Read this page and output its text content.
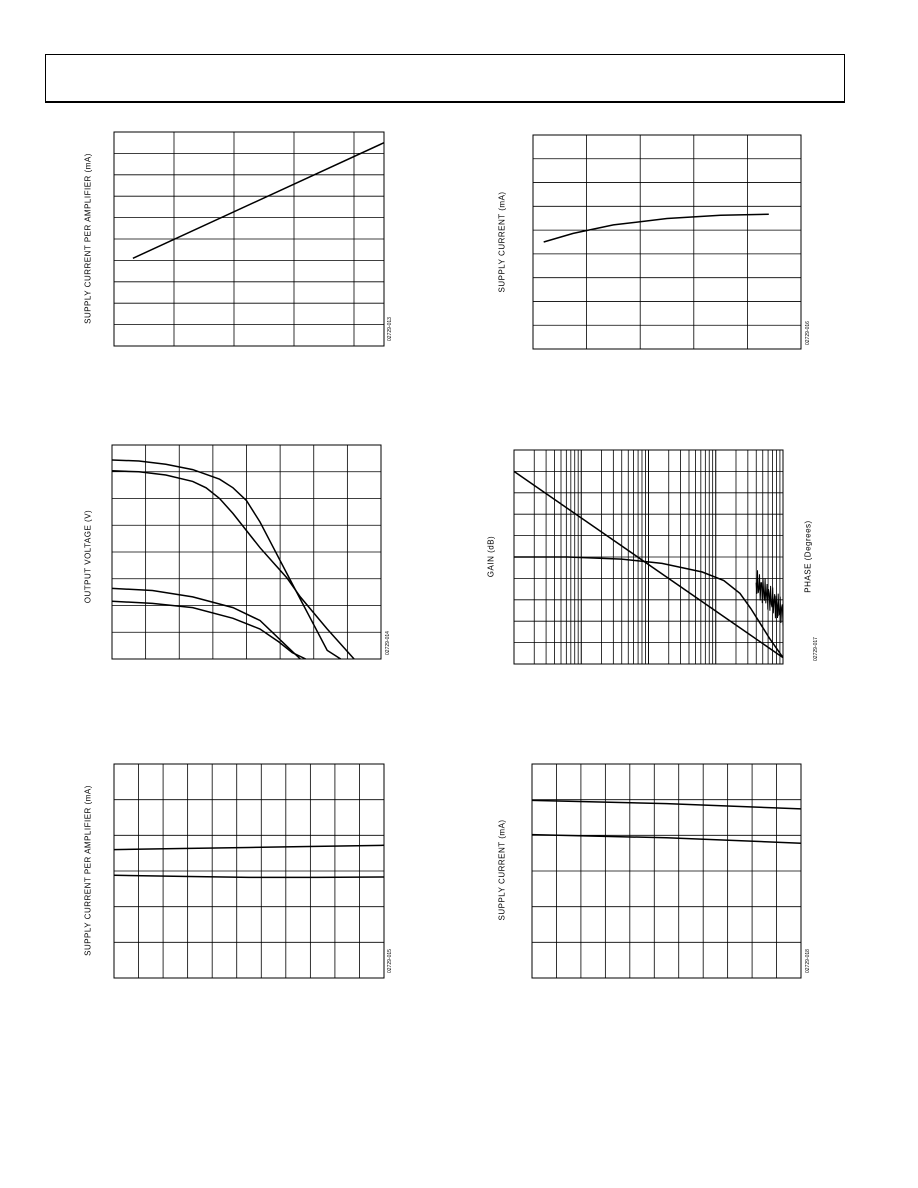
SUPPLY CURRENT PER AMPLIFIER (mA)
02729-013
SUPPLY CURRENT (mA)
02729-016
OUTPUT VOLTAGE (V)
02729-014
GAIN (dB)	PHASE (Degrees)
02729-017
SUPPLY CURRENT PER AMPLIFIER (mA)
02729-015
SUPPLY CURRENT (mA)
02729-018
